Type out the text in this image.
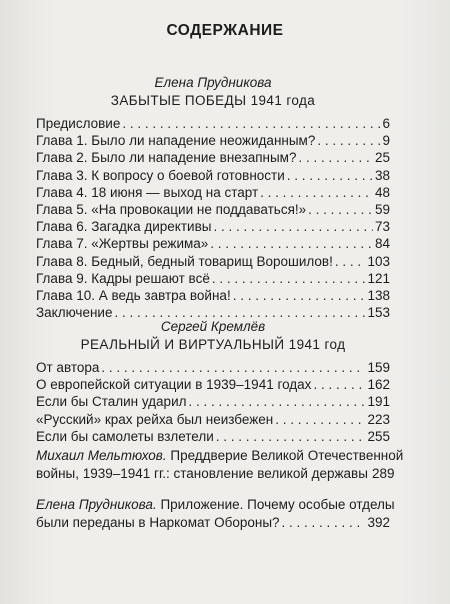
СОДЕРЖАНИЕ
Елена Прудникова
ЗАБЫТЫЕ ПОБЕДЫ 1941 года
Предисловие . . .	6
Глава 1. Было ли нападение неожиданным? . . .	9
Глава 2. Было ли нападение внезапным? . . .	25
Глава 3. К вопросу о боевой готовности . . .	38
Глава 4. 18 июня — выход на старт . . .	48
Глава 5. «На провокации не поддаваться!» . . .	59
Глава 6. Загадка директивы . . .	73
Глава 7. «Жертвы режима» . . .	84
Глава 8. Бедный, бедный товарищ Ворошилов! . . .	103
Глава 9. Кадры решают всё . . .	121
Глава 10. А ведь завтра война! . . .	138
Заключение . . .	153
Сергей Кремлёв
РЕАЛЬНЫЙ И ВИРТУАЛЬНЫЙ 1941 год
От автора . . .	159
О европейской ситуации в 1939–1941 годах . . .	162
Если бы Сталин ударил . . .	191
«Русский» крах рейха был неизбежен . . .	223
Если бы самолеты взлетели . . .	255
Михаил Мельтюхов.
Преддверие Великой Отечественной
войны, 1939–1941 гг.: становление великой державы 289
Елена Прудникова.
Приложение. Почему особые отделы
были переданы в Наркомат Обороны? . . .	392
